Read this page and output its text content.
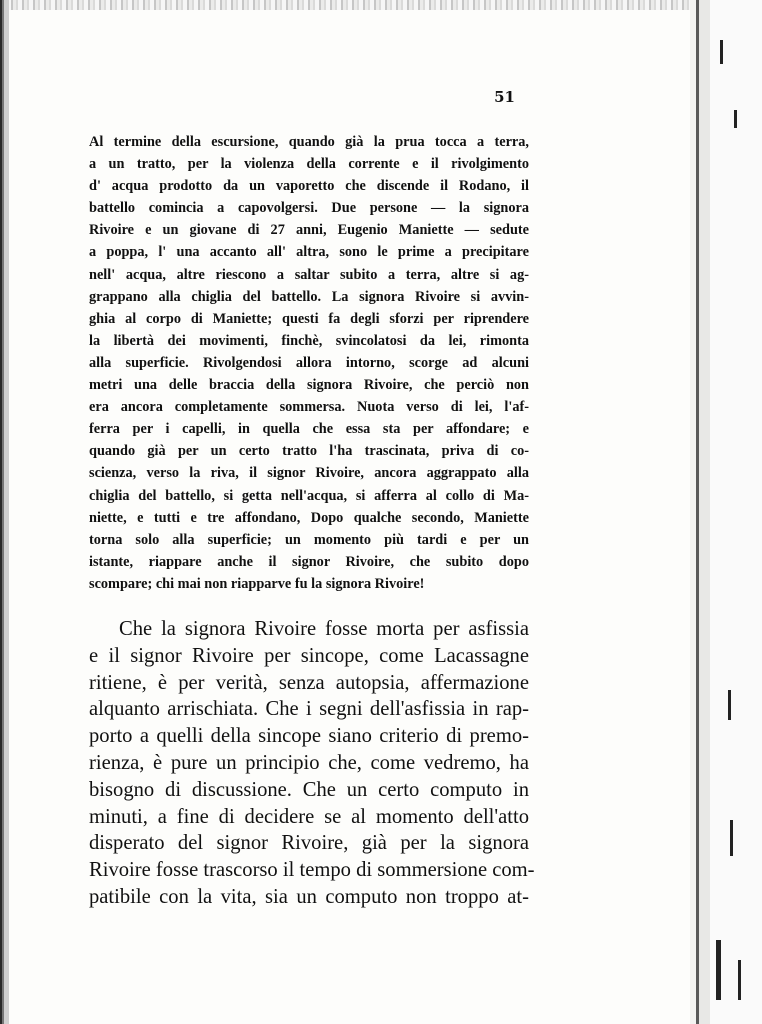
51
Al termine della escursione, quando già la prua tocca a terra,
a un tratto, per la violenza della corrente e il rivolgimento
d' acqua prodotto da un vaporetto che discende il Rodano, il
battello comincia a capovolgersi. Due persone — la signora
Rivoire e un giovane di 27 anni, Eugenio Maniette — sedute
a poppa, l' una accanto all' altra, sono le prime a precipitare
nell' acqua, altre riescono a saltar subito a terra, altre si ag-
grappano alla chiglia del battello. La signora Rivoire si avvin-
ghia al corpo di Maniette; questi fa degli sforzi per riprendere
la libertà dei movimenti, finchè, svincolatosi da lei, rimonta
alla superficie. Rivolgendosi allora intorno, scorge ad alcuni
metri una delle braccia della signora Rivoire, che perciò non
era ancora completamente sommersa. Nuota verso di lei, l'af-
ferra per i capelli, in quella che essa sta per affondare; e
quando già per un certo tratto l'ha trascinata, priva di co-
scienza, verso la riva, il signor Rivoire, ancora aggrappato alla
chiglia del battello, si getta nell'acqua, si afferra al collo di Ma-
niette, e tutti e tre affondano, Dopo qualche secondo, Maniette
torna solo alla superficie; un momento più tardi e per un
istante, riappare anche il signor Rivoire, che subito dopo
scompare; chi mai non riapparve fu la signora Rivoire!
Che la signora Rivoire fosse morta per asfissia
e il signor Rivoire per sincope, come Lacassagne
ritiene, è per verità, senza autopsia, affermazione
alquanto arrischiata. Che i segni dell'asfissia in rap-
porto a quelli della sincope siano criterio di premo-
rienza, è pure un principio che, come vedremo, ha
bisogno di discussione. Che un certo computo in
minuti, a fine di decidere se al momento dell'atto
disperato del signor Rivoire, già per la signora
Rivoire fosse trascorso il tempo di sommersione com-
patibile con la vita, sia un computo non troppo at-
